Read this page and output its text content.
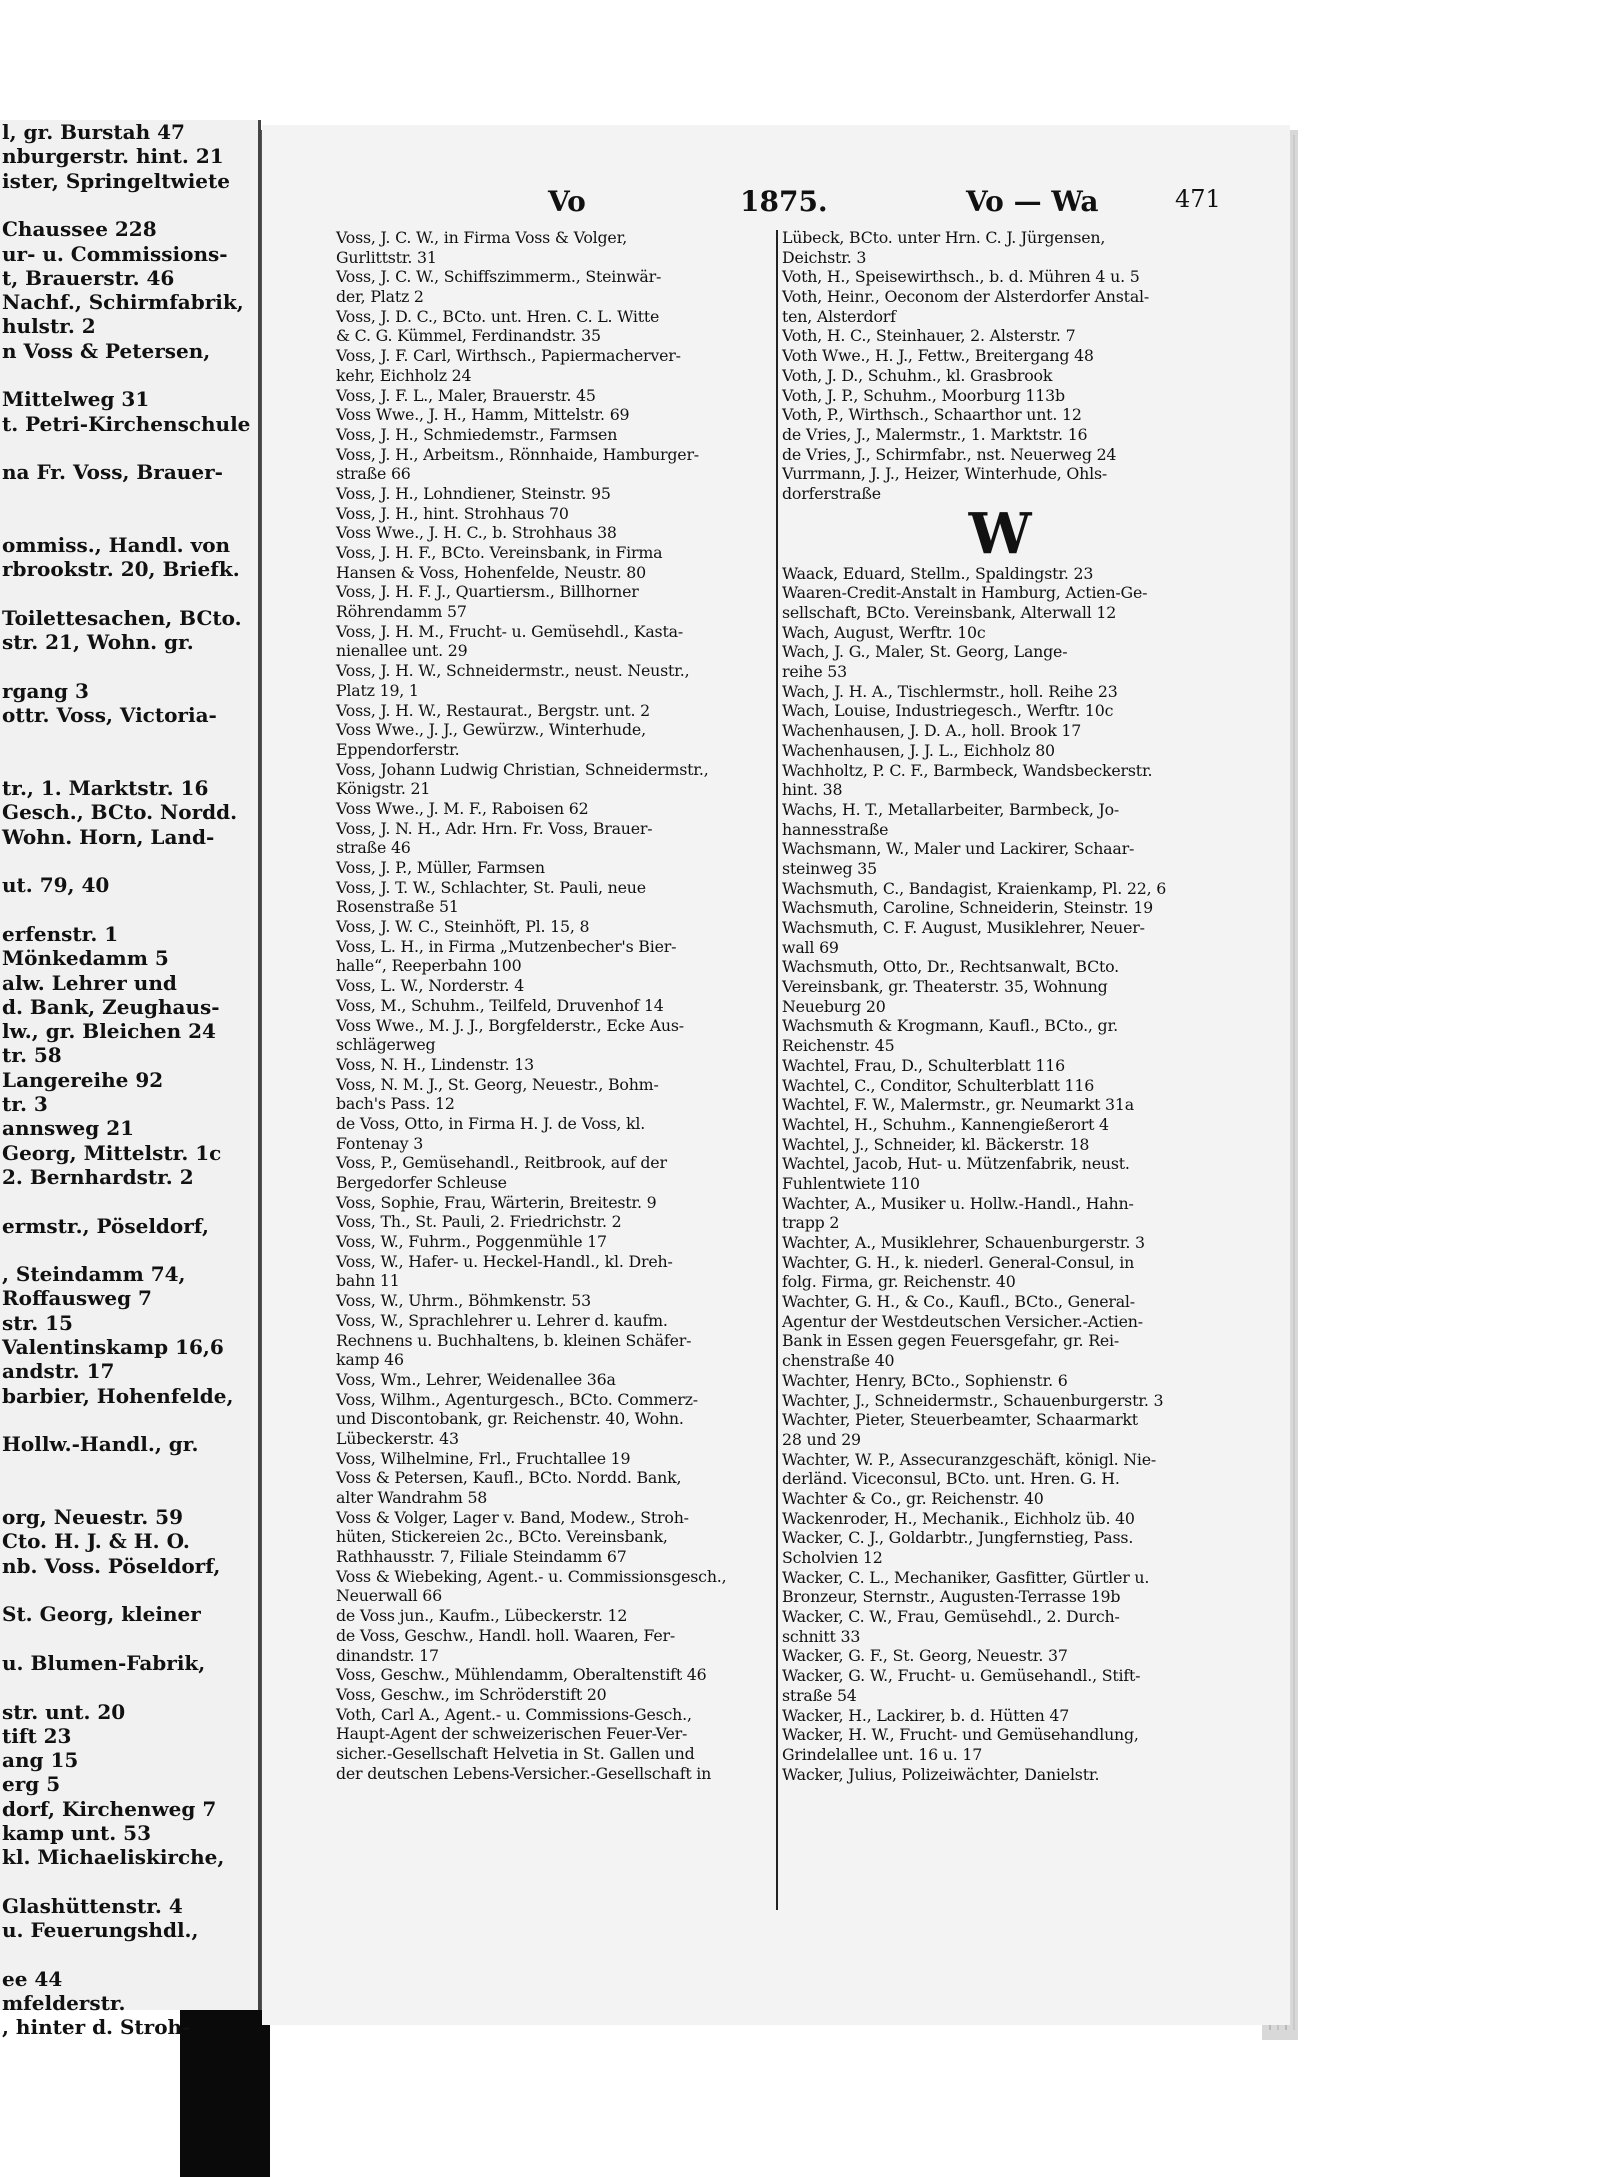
l, gr. Burstah 47
nburgerstr. hint. 21
ister, Springeltwiete
Chaussee 228
ur- u. Commissions-
t, Brauerstr. 46
Nachf., Schirmfabrik,
hulstr. 2
n Voss & Petersen,
Mittelweg 31
t. Petri-Kirchenschule
na Fr. Voss, Brauer-
ommiss., Handl. von
rbrookstr. 20, Briefk.
Toilettesachen, BCto.
str. 21, Wohn. gr.
rgang 3
ottr. Voss, Victoria-
tr., 1. Marktstr. 16
Gesch., BCto. Nordd.
Wohn. Horn, Land-
ut. 79, 40
erfenstr. 1
Mönkedamm 5
alw. Lehrer und
d. Bank, Zeughaus-
lw., gr. Bleichen 24
tr. 58
Langereihe 92
tr. 3
annsweg 21
Georg, Mittelstr. 1c
2. Bernhardstr. 2
ermstr., Pöseldorf,
, Steindamm 74,
Roffausweg 7
str. 15
Valentinskamp 16,6
andstr. 17
barbier, Hohenfelde,
Hollw.-Handl., gr.
org, Neuestr. 59
Cto. H. J. & H. O.
nb. Voss. Pöseldorf,
St. Georg, kleiner
u. Blumen-Fabrik,
str. unt. 20
tift 23
ang 15
erg 5
dorf, Kirchenweg 7
kamp unt. 53
kl. Michaeliskirche,
Glashüttenstr. 4
u. Feuerungshdl.,
ee 44
mfelderstr.
, hinter d. Stroh-
Vo	1875.	Vo — Wa	471
Voss, J. C. W., in Firma Voss & Volger,
Gurlittstr. 31
Voss, J. C. W., Schiffszimmerm., Steinwär-
der, Platz 2
Voss, J. D. C., BCto. unt. Hren. C. L. Witte
& C. G. Kümmel, Ferdinandstr. 35
Voss, J. F. Carl, Wirthsch., Papiermacherver-
kehr, Eichholz 24
Voss, J. F. L., Maler, Brauerstr. 45
Voss Wwe., J. H., Hamm, Mittelstr. 69
Voss, J. H., Schmiedemstr., Farmsen
Voss, J. H., Arbeitsm., Rönnhaide, Hamburger-
straße 66
Voss, J. H., Lohndiener, Steinstr. 95
Voss, J. H., hint. Strohhaus 70
Voss Wwe., J. H. C., b. Strohhaus 38
Voss, J. H. F., BCto. Vereinsbank, in Firma
Hansen & Voss, Hohenfelde, Neustr. 80
Voss, J. H. F. J., Quartiersm., Billhorner
Röhrendamm 57
Voss, J. H. M., Frucht- u. Gemüsehdl., Kasta-
nienallee unt. 29
Voss, J. H. W., Schneidermstr., neust. Neustr.,
Platz 19, 1
Voss, J. H. W., Restaurat., Bergstr. unt. 2
Voss Wwe., J. J., Gewürzw., Winterhude,
Eppendorferstr.
Voss, Johann Ludwig Christian, Schneidermstr.,
Königstr. 21
Voss Wwe., J. M. F., Raboisen 62
Voss, J. N. H., Adr. Hrn. Fr. Voss, Brauer-
straße 46
Voss, J. P., Müller, Farmsen
Voss, J. T. W., Schlachter, St. Pauli, neue
Rosenstraße 51
Voss, J. W. C., Steinhöft, Pl. 15, 8
Voss, L. H., in Firma „Mutzenbecher's Bier-
halle“, Reeperbahn 100
Voss, L. W., Norderstr. 4
Voss, M., Schuhm., Teilfeld, Druvenhof 14
Voss Wwe., M. J. J., Borgfelderstr., Ecke Aus-
schlägerweg
Voss, N. H., Lindenstr. 13
Voss, N. M. J., St. Georg, Neuestr., Bohm-
bach's Pass. 12
de Voss, Otto, in Firma H. J. de Voss, kl.
Fontenay 3
Voss, P., Gemüsehandl., Reitbrook, auf der
Bergedorfer Schleuse
Voss, Sophie, Frau, Wärterin, Breitestr. 9
Voss, Th., St. Pauli, 2. Friedrichstr. 2
Voss, W., Fuhrm., Poggenmühle 17
Voss, W., Hafer- u. Heckel-Handl., kl. Dreh-
bahn 11
Voss, W., Uhrm., Böhmkenstr. 53
Voss, W., Sprachlehrer u. Lehrer d. kaufm.
Rechnens u. Buchhaltens, b. kleinen Schäfer-
kamp 46
Voss, Wm., Lehrer, Weidenallee 36a
Voss, Wilhm., Agenturgesch., BCto. Commerz-
und Discontobank, gr. Reichenstr. 40, Wohn.
Lübeckerstr. 43
Voss, Wilhelmine, Frl., Fruchtallee 19
Voss & Petersen, Kaufl., BCto. Nordd. Bank,
alter Wandrahm 58
Voss & Volger, Lager v. Band, Modew., Stroh-
hüten, Stickereien 2c., BCto. Vereinsbank,
Rathhausstr. 7, Filiale Steindamm 67
Voss & Wiebeking, Agent.- u. Commissionsgesch.,
Neuerwall 66
de Voss jun., Kaufm., Lübeckerstr. 12
de Voss, Geschw., Handl. holl. Waaren, Fer-
dinandstr. 17
Voss, Geschw., Mühlendamm, Oberaltenstift 46
Voss, Geschw., im Schröderstift 20
Voth, Carl A., Agent.- u. Commissions-Gesch.,
Haupt-Agent der schweizerischen Feuer-Ver-
sicher.-Gesellschaft Helvetia in St. Gallen und
der deutschen Lebens-Versicher.-Gesellschaft in
Lübeck, BCto. unter Hrn. C. J. Jürgensen,
Deichstr. 3
Voth, H., Speisewirthsch., b. d. Mühren 4 u. 5
Voth, Heinr., Oeconom der Alsterdorfer Anstal-
ten, Alsterdorf
Voth, H. C., Steinhauer, 2. Alsterstr. 7
Voth Wwe., H. J., Fettw., Breitergang 48
Voth, J. D., Schuhm., kl. Grasbrook
Voth, J. P., Schuhm., Moorburg 113b
Voth, P., Wirthsch., Schaarthor unt. 12
de Vries, J., Malermstr., 1. Marktstr. 16
de Vries, J., Schirmfabr., nst. Neuerweg 24
Vurrmann, J. J., Heizer, Winterhude, Ohls-
dorferstraße
W
Waack, Eduard, Stellm., Spaldingstr. 23
Waaren-Credit-Anstalt in Hamburg, Actien-Ge-
sellschaft, BCto. Vereinsbank, Alterwall 12
Wach, August, Werftr. 10c
Wach, J. G., Maler, St. Georg, Lange-
reihe 53
Wach, J. H. A., Tischlermstr., holl. Reihe 23
Wach, Louise, Industriegesch., Werftr. 10c
Wachenhausen, J. D. A., holl. Brook 17
Wachenhausen, J. J. L., Eichholz 80
Wachholtz, P. C. F., Barmbeck, Wandsbeckerstr.
hint. 38
Wachs, H. T., Metallarbeiter, Barmbeck, Jo-
hannesstraße
Wachsmann, W., Maler und Lackirer, Schaar-
steinweg 35
Wachsmuth, C., Bandagist, Kraienkamp, Pl. 22, 6
Wachsmuth, Caroline, Schneiderin, Steinstr. 19
Wachsmuth, C. F. August, Musiklehrer, Neuer-
wall 69
Wachsmuth, Otto, Dr., Rechtsanwalt, BCto.
Vereinsbank, gr. Theaterstr. 35, Wohnung
Neueburg 20
Wachsmuth & Krogmann, Kaufl., BCto., gr.
Reichenstr. 45
Wachtel, Frau, D., Schulterblatt 116
Wachtel, C., Conditor, Schulterblatt 116
Wachtel, F. W., Malermstr., gr. Neumarkt 31a
Wachtel, H., Schuhm., Kannengießerort 4
Wachtel, J., Schneider, kl. Bäckerstr. 18
Wachtel, Jacob, Hut- u. Mützenfabrik, neust.
Fuhlentwiete 110
Wachter, A., Musiker u. Hollw.-Handl., Hahn-
trapp 2
Wachter, A., Musiklehrer, Schauenburgerstr. 3
Wachter, G. H., k. niederl. General-Consul, in
folg. Firma, gr. Reichenstr. 40
Wachter, G. H., & Co., Kaufl., BCto., General-
Agentur der Westdeutschen Versicher.-Actien-
Bank in Essen gegen Feuersgefahr, gr. Rei-
chenstraße 40
Wachter, Henry, BCto., Sophienstr. 6
Wachter, J., Schneidermstr., Schauenburgerstr. 3
Wachter, Pieter, Steuerbeamter, Schaarmarkt
28 und 29
Wachter, W. P., Assecuranzgeschäft, königl. Nie-
derländ. Viceconsul, BCto. unt. Hren. G. H.
Wachter & Co., gr. Reichenstr. 40
Wackenroder, H., Mechanik., Eichholz üb. 40
Wacker, C. J., Goldarbtr., Jungfernstieg, Pass.
Scholvien 12
Wacker, C. L., Mechaniker, Gasfitter, Gürtler u.
Bronzeur, Sternstr., Augusten-Terrasse 19b
Wacker, C. W., Frau, Gemüsehdl., 2. Durch-
schnitt 33
Wacker, G. F., St. Georg, Neuestr. 37
Wacker, G. W., Frucht- u. Gemüsehandl., Stift-
straße 54
Wacker, H., Lackirer, b. d. Hütten 47
Wacker, H. W., Frucht- und Gemüsehandlung,
Grindelallee unt. 16 u. 17
Wacker, Julius, Polizeiwächter, Danielstr.
